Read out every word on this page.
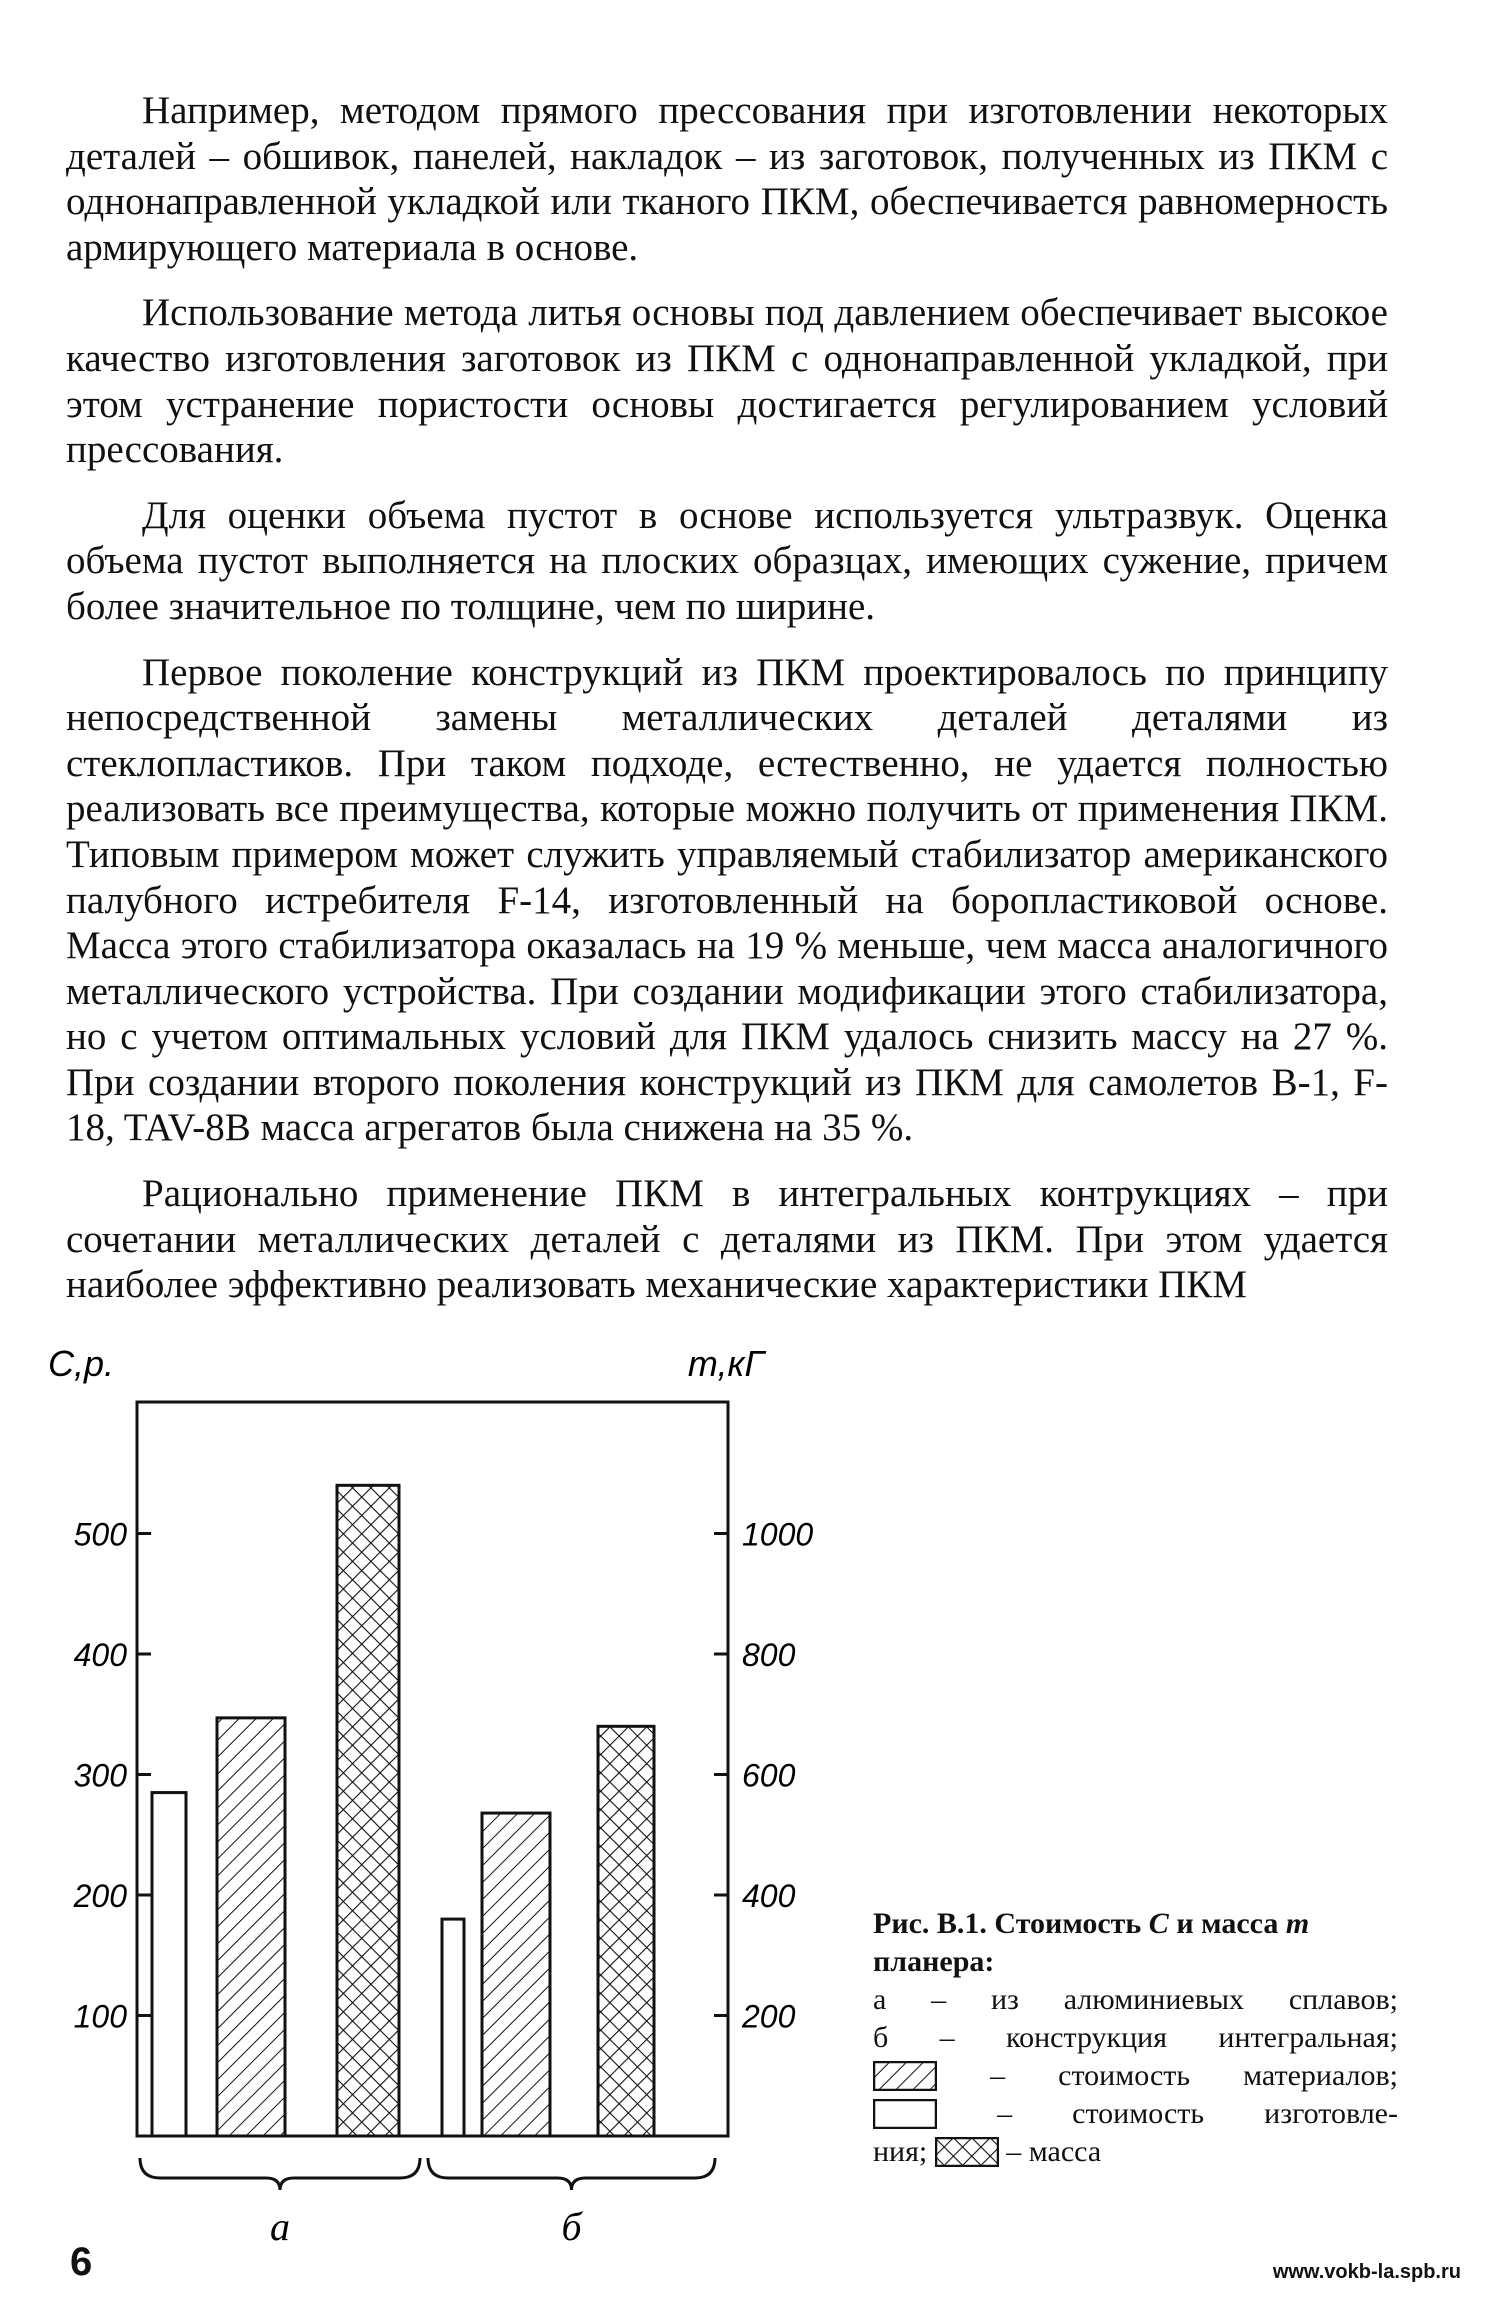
Например, методом прямого прессования при изготовлении некоторых деталей – обшивок, панелей, накладок – из заготовок, полученных из ПКМ с однонаправленной укладкой или тканого ПКМ, обеспечивается равномерность армирующего материала в основе.

Использование метода литья основы под давлением обеспечивает высокое качество изготовления заготовок из ПКМ с однонаправленной укладкой, при этом устранение пористости основы достигается регулированием условий прессования.

Для оценки объема пустот в основе используется ультразвук. Оценка объема пустот выполняется на плоских образцах, имеющих сужение, причем более значительное по толщине, чем по ширине.

Первое поколение конструкций из ПКМ проектировалось по принципу непосредственной замены металлических деталей деталями из стеклопластиков. При таком подходе, естественно, не удается полностью реализовать все преимущества, которые можно получить от применения ПКМ. Типовым примером может служить управляемый стабилизатор американского палубного истребителя F-14, изготовленный на боропластиковой основе. Масса этого стабилизатора оказалась на 19 % меньше, чем масса аналогичного металлического устройства. При создании модификации этого стабилизатора, но с учетом оптимальных условий для ПКМ удалось снизить массу на 27 %. При создании второго поколения конструкций из ПКМ для самолетов B-1, F-18, TAV-8B масса агрегатов была снижена на 35 %.

Рационально применение ПКМ в интегральных контрукциях – при сочетании металлических деталей с деталями из ПКМ. При этом удается наиболее эффективно реализовать механические характеристики ПКМ

С,р.	т,кГ
100
200
300
400
500
200
400
600
800
1000
а	б
Рис. В.1. Стоимость С и масса т
планера:
а – из алюминиевых сплавов;
б – конструкция интегральная;
– стоимость материалов;
– стоимость изготовле-
ния;	– масса
6	www.vokb-la.spb.ru
